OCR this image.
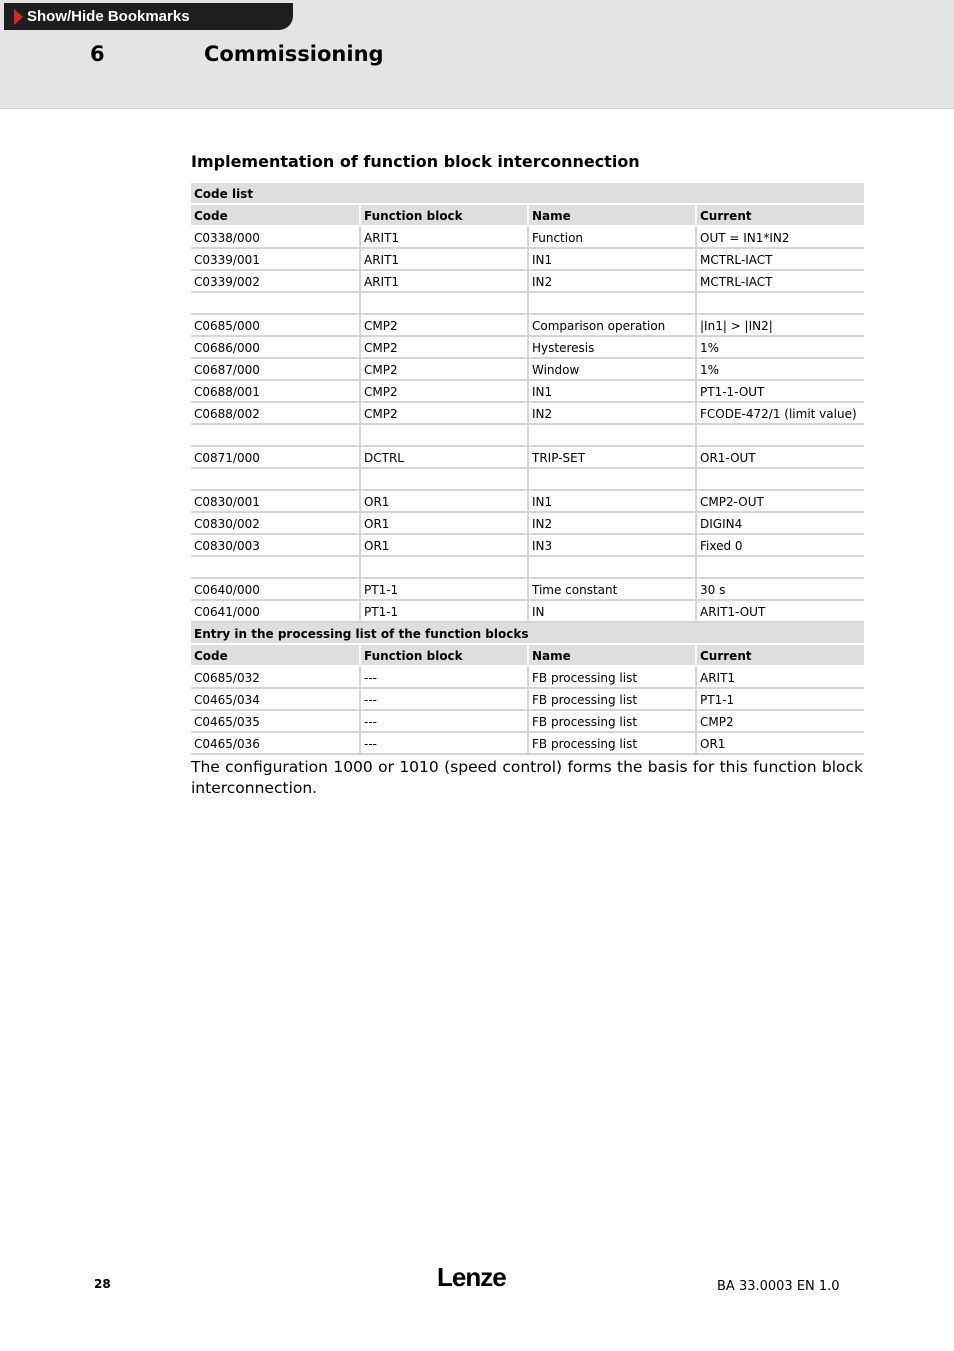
Show/Hide Bookmarks
6	Commissioning
Implementation of function block interconnection
Code list			
Code	Function block	Name	Current
C0338/000	ARIT1	Function	OUT = IN1*IN2
C0339/001	ARIT1	IN1	MCTRL-IACT
C0339/002	ARIT1	IN2	MCTRL-IACT

C0685/000	CMP2	Comparison operation	|In1| > |IN2|
C0686/000	CMP2	Hysteresis	1%
C0687/000	CMP2	Window	1%
C0688/001	CMP2	IN1	PT1-1-OUT
C0688/002	CMP2	IN2	FCODE-472/1 (limit value)

C0871/000	DCTRL	TRIP-SET	OR1-OUT

C0830/001	OR1	IN1	CMP2-OUT
C0830/002	OR1	IN2	DIGIN4
C0830/003	OR1	IN3	Fixed 0

C0640/000	PT1-1	Time constant	30 s
C0641/000	PT1-1	IN	ARIT1-OUT
Entry in the processing list of the function blocks			
Code	Function block	Name	Current
C0685/032	---	FB processing list	ARIT1
C0465/034	---	FB processing list	PT1-1
C0465/035	---	FB processing list	CMP2
C0465/036	---	FB processing list	OR1
The configuration 1000 or 1010 (speed control) forms the basis for this function block interconnection.
28	Lenze	BA 33.0003 EN 1.0
